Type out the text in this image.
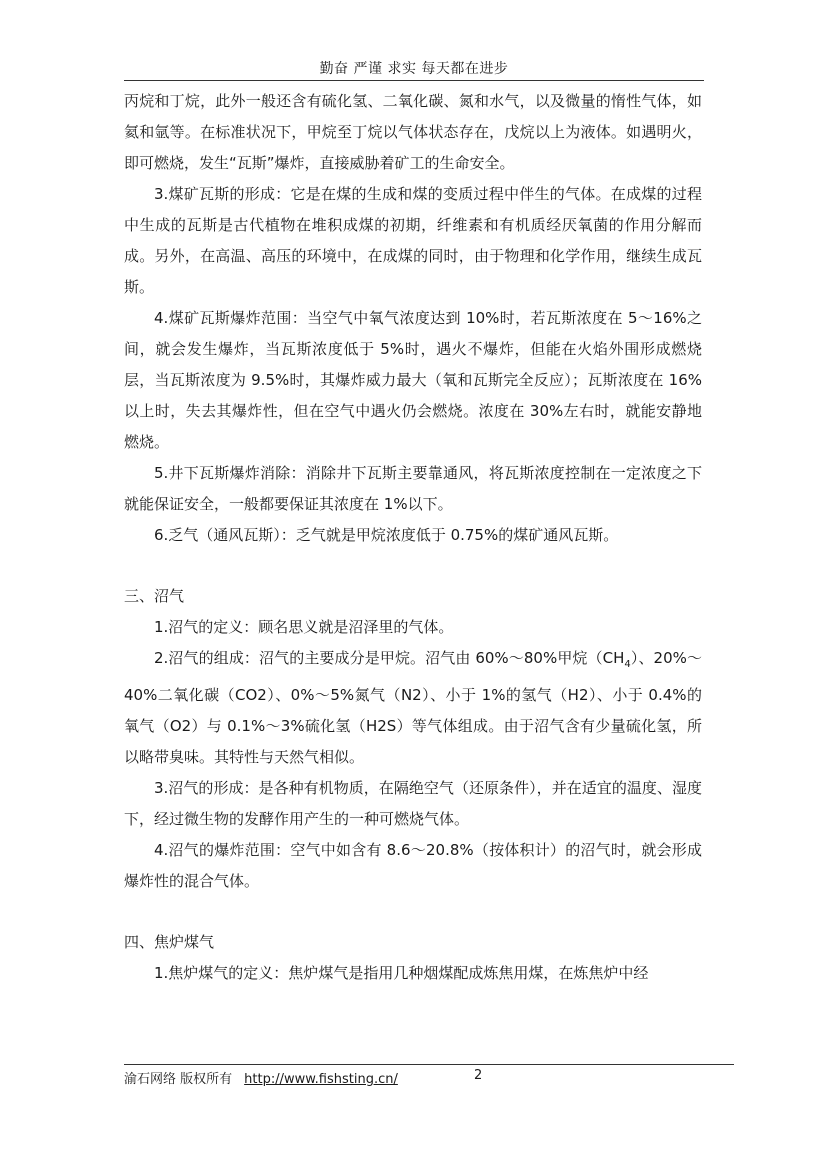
勤奋 严谨 求实 每天都在进步

丙烷和丁烷，此外一般还含有硫化氢、二氧化碳、氮和水气，以及微量的惰性气体，如氦和氩等。在标准状况下，甲烷至丁烷以气体状态存在，戊烷以上为液体。如遇明火，即可燃烧，发生“瓦斯”爆炸，直接威胁着矿工的生命安全。

3.煤矿瓦斯的形成：它是在煤的生成和煤的变质过程中伴生的气体。在成煤的过程中生成的瓦斯是古代植物在堆积成煤的初期，纤维素和有机质经厌氧菌的作用分解而成。另外，在高温、高压的环境中，在成煤的同时，由于物理和化学作用，继续生成瓦斯。

4.煤矿瓦斯爆炸范围：当空气中氧气浓度达到 10%时，若瓦斯浓度在 5～16%之间，就会发生爆炸，当瓦斯浓度低于 5%时，遇火不爆炸，但能在火焰外围形成燃烧层，当瓦斯浓度为 9.5%时，其爆炸威力最大（氧和瓦斯完全反应）；瓦斯浓度在 16%以上时，失去其爆炸性，但在空气中遇火仍会燃烧。浓度在 30%左右时，就能安静地燃烧。

5.井下瓦斯爆炸消除：消除井下瓦斯主要靠通风，将瓦斯浓度控制在一定浓度之下就能保证安全，一般都要保证其浓度在 1%以下。

6.乏气（通风瓦斯）：乏气就是甲烷浓度低于 0.75%的煤矿通风瓦斯。

三、沼气

1.沼气的定义：顾名思义就是沼泽里的气体。

2.沼气的组成：沼气的主要成分是甲烷。沼气由 60%～80%甲烷$(CH_4)$、20%～40%二氧化碳（CO2）、0%～5%氮气（N2）、小于 1%的氢气（H2）、小于 0.4%的氧气（O2）与 0.1%～3%硫化氢（H2S）等气体组成。由于沼气含有少量硫化氢，所以略带臭味。其特性与天然气相似。

3.沼气的形成：是各种有机物质，在隔绝空气（还原条件），并在适宜的温度、湿度下，经过微生物的发酵作用产生的一种可燃烧气体。

4.沼气的爆炸范围：空气中如含有 8.6～20.8%（按体积计）的沼气时，就会形成爆炸性的混合气体。

四、焦炉煤气

1.焦炉煤气的定义：焦炉煤气是指用几种烟煤配成炼焦用煤，在炼焦炉中经

渝石网络 版权所有 http://www.fishsting.cn/	2
